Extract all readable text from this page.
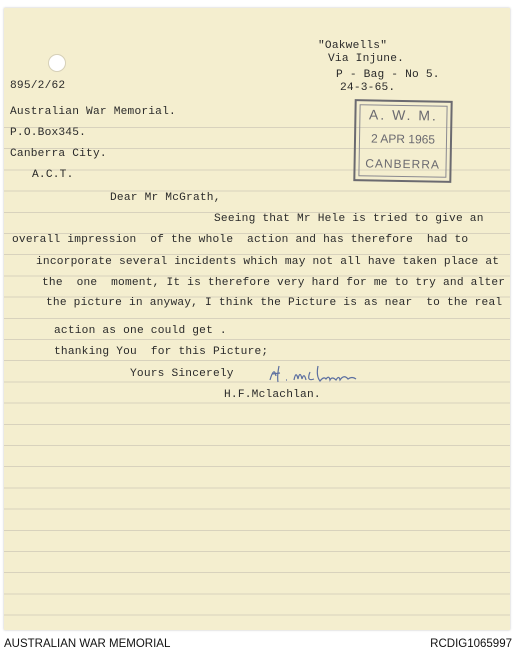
895/2/62
"Oakwells"
Via Injune.
P - Bag - No 5.
24-3-65.
Australian War Memorial.
P.O.Box345.
Canberra City.
A.C.T.
A. W. M.
2 APR 1965
CANBERRA
Dear Mr McGrath,
Seeing that Mr Hele is tried to give an
overall impression  of the whole  action and has therefore  had to
incorporate several incidents which may not all have taken place at
the  one  moment, It is therefore very hard for me to try and alter
the picture in anyway, I think the Picture is as near  to the real
action as one could get .
thanking You  for this Picture;
Yours Sincerely
H.F.Mclachlan.
AUSTRALIAN WAR MEMORIAL	RCDIG1065997
